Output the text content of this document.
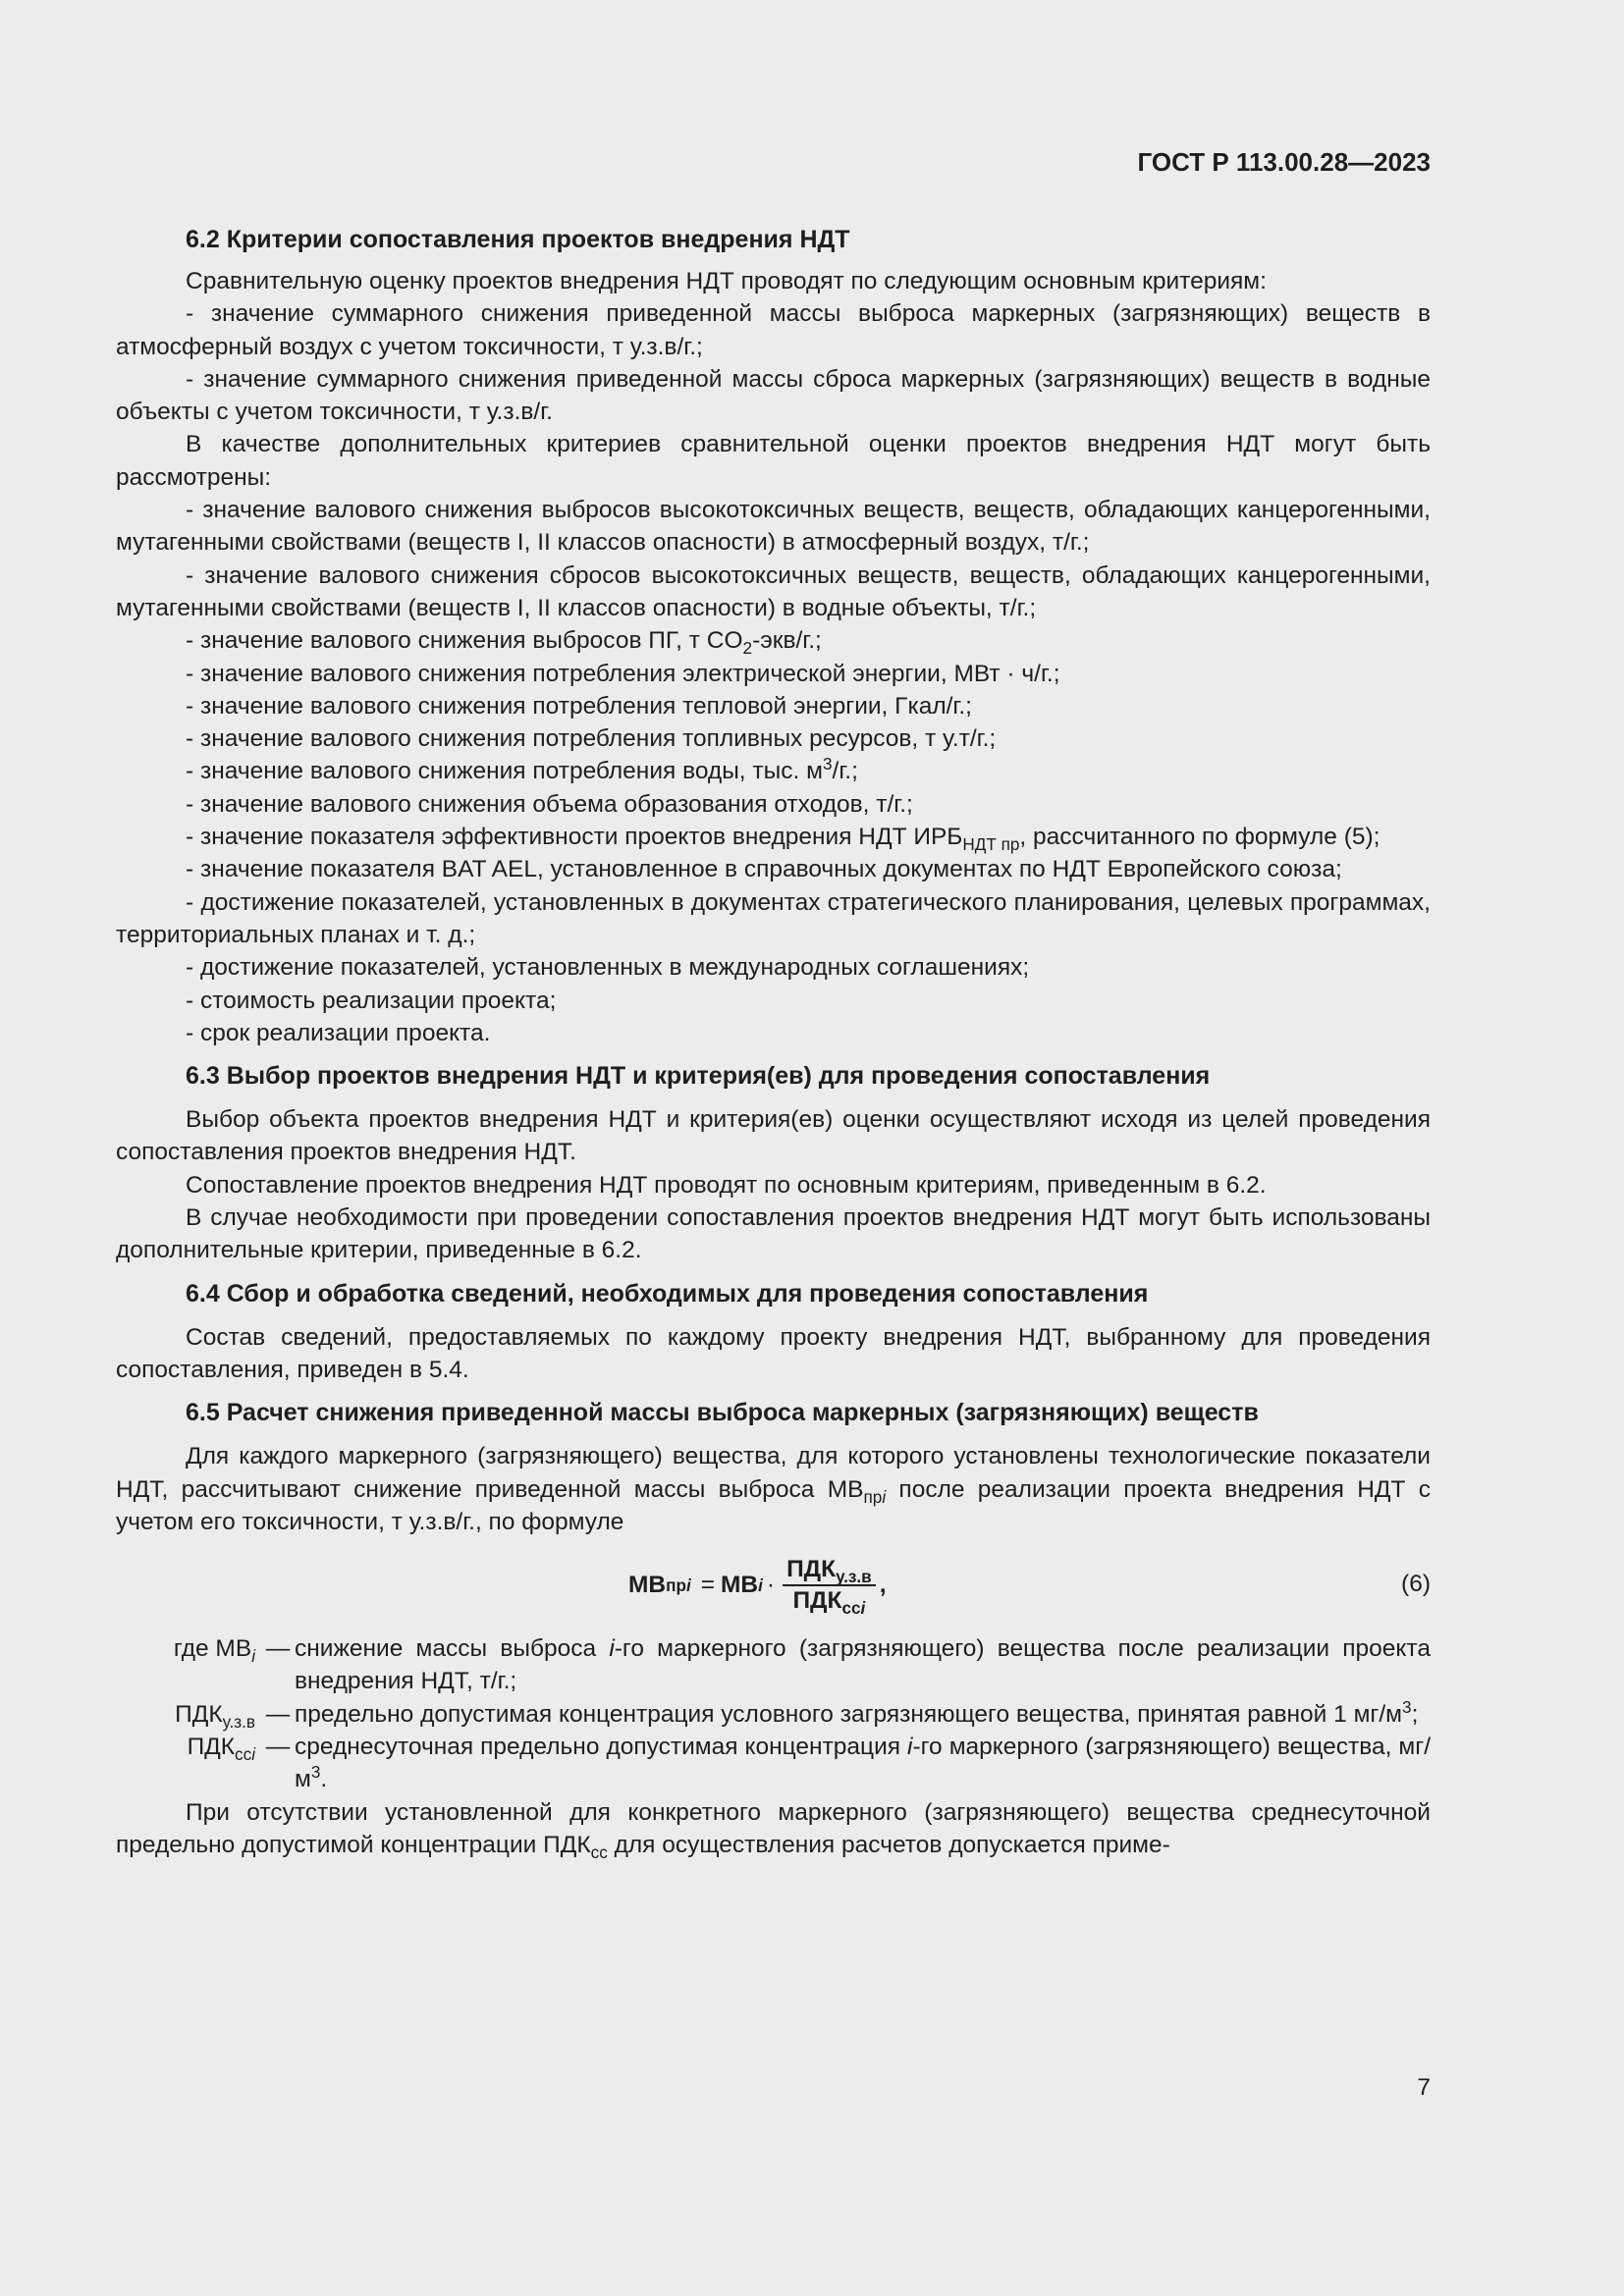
ГОСТ Р 113.00.28—2023
6.2 Критерии сопоставления проектов внедрения НДТ

Сравнительную оценку проектов внедрения НДТ проводят по следующим основным критериям:

- значение суммарного снижения приведенной массы выброса маркерных (загрязняющих) веществ в атмосферный воздух с учетом токсичности, т у.з.в/г.;

- значение суммарного снижения приведенной массы сброса маркерных (загрязняющих) веществ в водные объекты с учетом токсичности, т у.з.в/г.

В качестве дополнительных критериев сравнительной оценки проектов внедрения НДТ могут быть рассмотрены:

- значение валового снижения выбросов высокотоксичных веществ, веществ, обладающих канцерогенными, мутагенными свойствами (веществ I, II классов опасности) в атмосферный воздух, т/г.;

- значение валового снижения сбросов высокотоксичных веществ, веществ, обладающих канцерогенными, мутагенными свойствами (веществ I, II классов опасности) в водные объекты, т/г.;

- значение валового снижения выбросов ПГ, т $CO_2-экв/г$.;

- значение валового снижения потребления электрической энергии, МВт · ч/г.;

- значение валового снижения потребления тепловой энергии, Гкал/г.;

- значение валового снижения потребления топливных ресурсов, т у.т/г.;

- значение валового снижения потребления воды, тыс. $м^3/г$.;

- значение валового снижения объема образования отходов, т/г.;

- значение показателя эффективности проектов внедрения НДТ $ИРБ_{НДТ пр}$, рассчитанного по формуле (5);

- значение показателя BAT AEL, установленное в справочных документах по НДТ Европейского союза;

- достижение показателей, установленных в документах стратегического планирования, целевых программах, территориальных планах и т. д.;

- достижение показателей, установленных в международных соглашениях;

- стоимость реализации проекта;

- срок реализации проекта.

6.3 Выбор проектов внедрения НДТ и критерия(ев) для проведения сопоставления

Выбор объекта проектов внедрения НДТ и критерия(ев) оценки осуществляют исходя из целей проведения сопоставления проектов внедрения НДТ.

Сопоставление проектов внедрения НДТ проводят по основным критериям, приведенным в 6.2.

В случае необходимости при проведении сопоставления проектов внедрения НДТ могут быть использованы дополнительные критерии, приведенные в 6.2.

6.4 Сбор и обработка сведений, необходимых для проведения сопоставления

Состав сведений, предоставляемых по каждому проекту внедрения НДТ, выбранному для проведения сопоставления, приведен в 5.4.

6.5 Расчет снижения приведенной массы выброса маркерных (загрязняющих) веществ

Для каждого маркерного (загрязняющего) вещества, для которого установлены технологические показатели НДТ, рассчитывают снижение приведенной массы выброса $МВ_{прi}$ после реализации проекта внедрения НДТ с учетом его токсичности, т у.з.в/г., по формуле

МВ прi = МВ $i \cdot \frac{ПДК_{у.з.в}}{ПДК_{ссi}}$ ,	(6)
где $МВ_i$ — снижение массы выброса i-го маркерного (загрязняющего) вещества после реализации проекта внедрения НДТ, т/г.;
$ПДК_{у.з.в}$ — предельно допустимая концентрация условного загрязняющего вещества, принятая равной 1 $мг/м^3$;
$ПДК_{ссi}$ — среднесуточная предельно допустимая концентрация i-го маркерного (загрязняющего) вещества, $мг/м^3$.

При отсутствии установленной для конкретного маркерного (загрязняющего) вещества среднесуточной предельно допустимой концентрации $ПДК_{сс}$ для осуществления расчетов допускается приме-

7
